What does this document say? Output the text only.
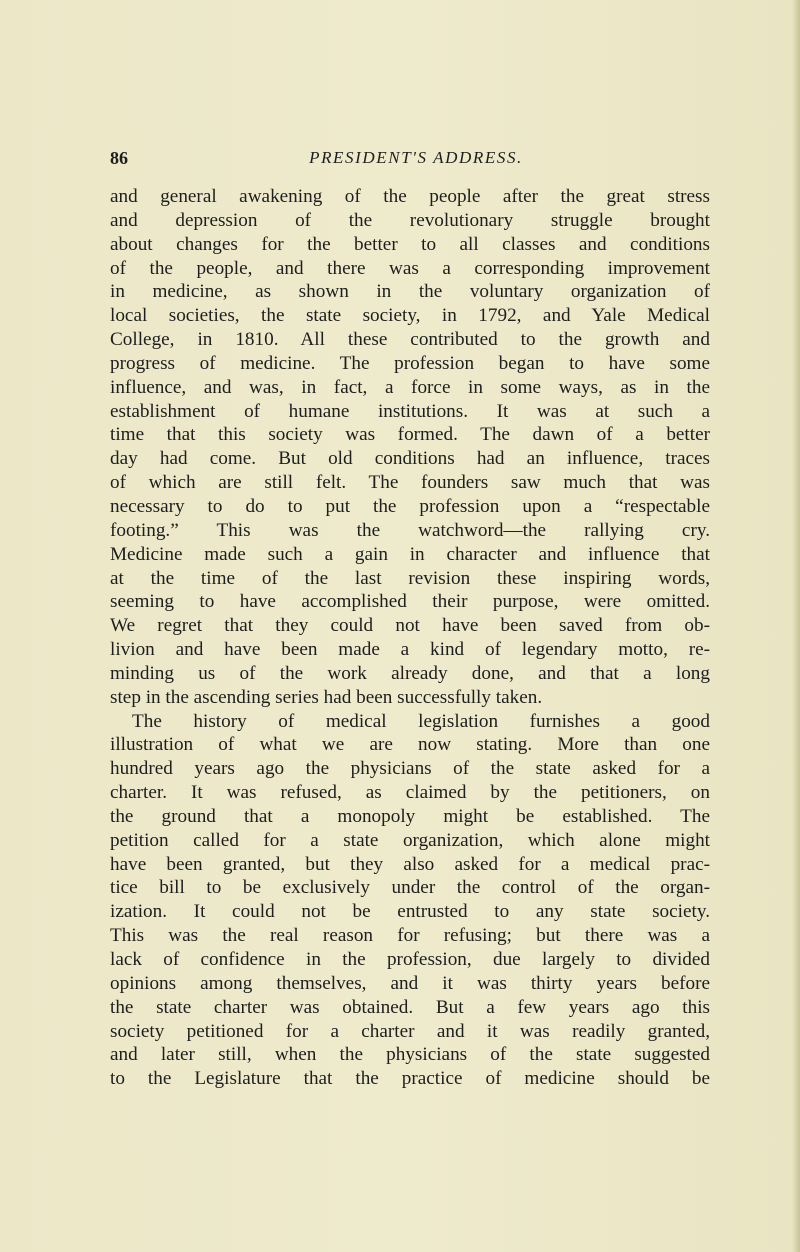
86	PRESIDENT'S ADDRESS.
and general awakening of the people after the great stress
and depression of the revolutionary struggle brought
about changes for the better to all classes and conditions
of the people, and there was a corresponding improvement
in medicine, as shown in the voluntary organization of
local societies, the state society, in 1792, and Yale Medical
College, in 1810. All these contributed to the growth and
progress of medicine. The profession began to have some
influence, and was, in fact, a force in some ways, as in the
establishment of humane institutions. It was at such a
time that this society was formed. The dawn of a better
day had come. But old conditions had an influence, traces
of which are still felt. The founders saw much that was
necessary to do to put the profession upon a “respectable
footing.” This was the watchword—the rallying cry.
Medicine made such a gain in character and influence that
at the time of the last revision these inspiring words,
seeming to have accomplished their purpose, were omitted.
We regret that they could not have been saved from ob-
livion and have been made a kind of legendary motto, re-
minding us of the work already done, and that a long
step in the ascending series had been successfully taken.
The history of medical legislation furnishes a good
illustration of what we are now stating. More than one
hundred years ago the physicians of the state asked for a
charter. It was refused, as claimed by the petitioners, on
the ground that a monopoly might be established. The
petition called for a state organization, which alone might
have been granted, but they also asked for a medical prac-
tice bill to be exclusively under the control of the organ-
ization. It could not be entrusted to any state society.
This was the real reason for refusing; but there was a
lack of confidence in the profession, due largely to divided
opinions among themselves, and it was thirty years before
the state charter was obtained. But a few years ago this
society petitioned for a charter and it was readily granted,
and later still, when the physicians of the state suggested
to the Legislature that the practice of medicine should be
